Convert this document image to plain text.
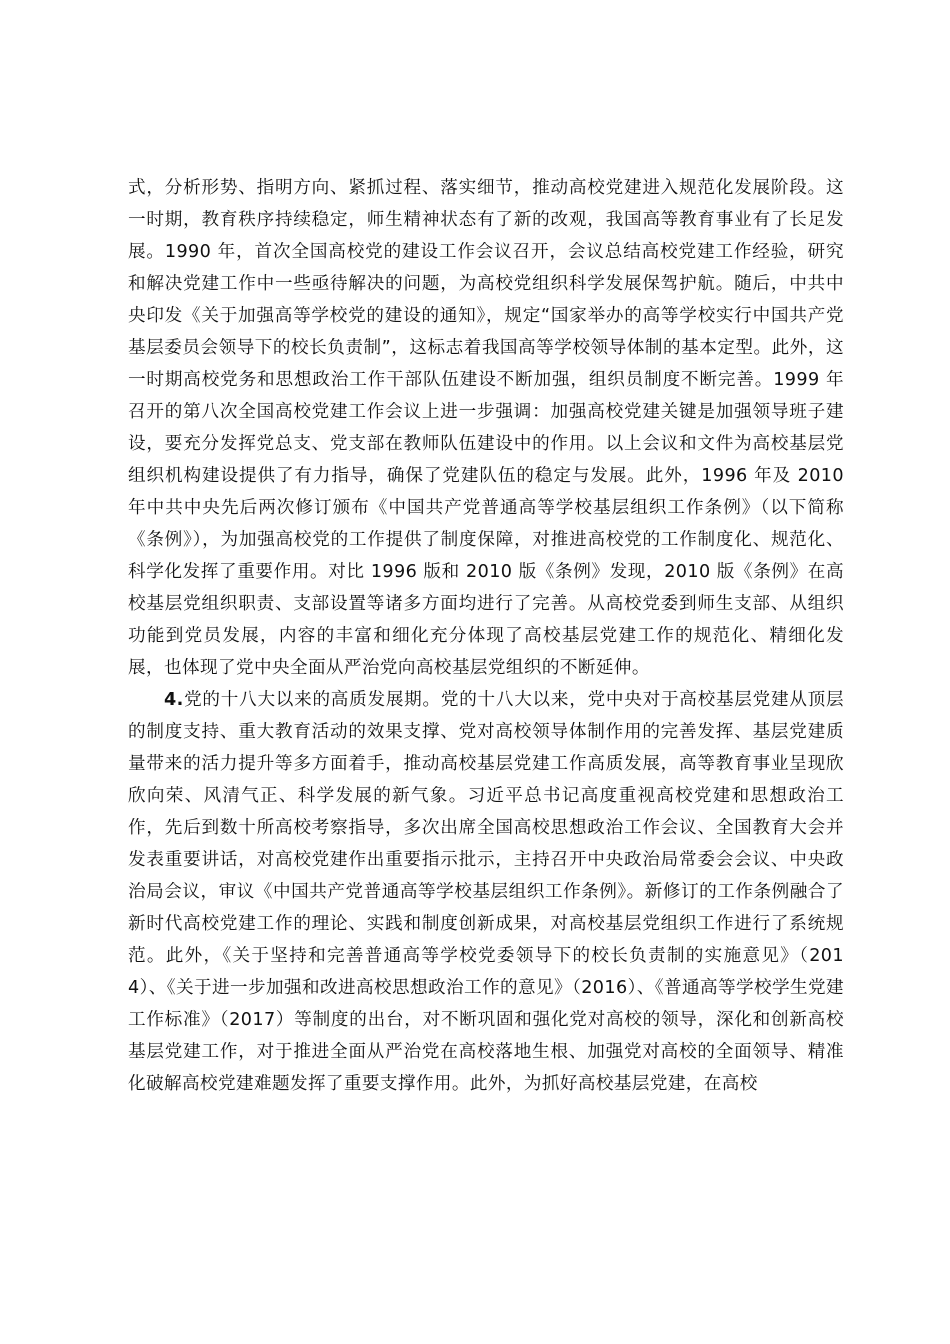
式，分析形势、指明方向、紧抓过程、落实细节，推动高校党建进入规范化发展阶段。这一时期，教育秩序持续稳定，师生精神状态有了新的改观，我国高等教育事业有了长足发展。1990 年，首次全国高校党的建设工作会议召开，会议总结高校党建工作经验，研究和解决党建工作中一些亟待解决的问题，为高校党组织科学发展保驾护航。随后，中共中央印发《关于加强高等学校党的建设的通知》，规定“国家举办的高等学校实行中国共产党基层委员会领导下的校长负责制”，这标志着我国高等学校领导体制的基本定型。此外，这一时期高校党务和思想政治工作干部队伍建设不断加强，组织员制度不断完善。1999 年召开的第八次全国高校党建工作会议上进一步强调：加强高校党建关键是加强领导班子建设，要充分发挥党总支、党支部在教师队伍建设中的作用。以上会议和文件为高校基层党组织机构建设提供了有力指导，确保了党建队伍的稳定与发展。此外，1996 年及 2010 年中共中央先后两次修订颁布《中国共产党普通高等学校基层组织工作条例》（以下简称《条例》），为加强高校党的工作提供了制度保障，对推进高校党的工作制度化、规范化、科学化发挥了重要作用。对比 1996 版和 2010 版《条例》发现，2010 版《条例》在高校基层党组织职责、支部设置等诸多方面均进行了完善。从高校党委到师生支部、从组织功能到党员发展，内容的丰富和细化充分体现了高校基层党建工作的规范化、精细化发展，也体现了党中央全面从严治党向高校基层党组织的不断延伸。

4.党的十八大以来的高质发展期。党的十八大以来，党中央对于高校基层党建从顶层的制度支持、重大教育活动的效果支撑、党对高校领导体制作用的完善发挥、基层党建质量带来的活力提升等多方面着手，推动高校基层党建工作高质发展，高等教育事业呈现欣欣向荣、风清气正、科学发展的新气象。习近平总书记高度重视高校党建和思想政治工作，先后到数十所高校考察指导，多次出席全国高校思想政治工作会议、全国教育大会并发表重要讲话，对高校党建作出重要指示批示，主持召开中央政治局常委会会议、中央政治局会议，审议《中国共产党普通高等学校基层组织工作条例》。新修订的工作条例融合了新时代高校党建工作的理论、实践和制度创新成果，对高校基层党组织工作进行了系统规范。此外，《关于坚持和完善普通高等学校党委领导下的校长负责制的实施意见》（2014）、《关于进一步加强和改进高校思想政治工作的意见》（2016）、《普通高等学校学生党建工作标准》（2017）等制度的出台，对不断巩固和强化党对高校的领导，深化和创新高校基层党建工作，对于推进全面从严治党在高校落地生根、加强党对高校的全面领导、精准化破解高校党建难题发挥了重要支撑作用。此外，为抓好高校基层党建，在高校
